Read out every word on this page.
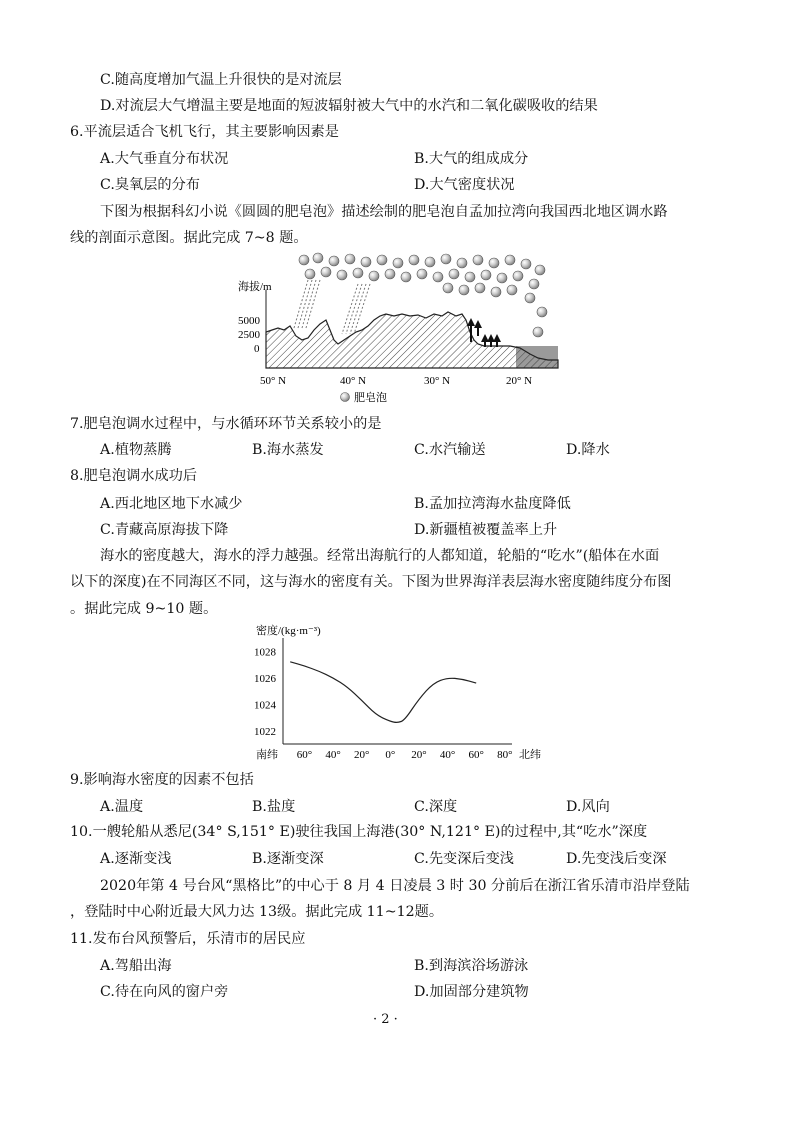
C.随高度增加气温上升很快的是对流层
D.对流层大气增温主要是地面的短波辐射被大气中的水汽和二氧化碳吸收的结果
6.平流层适合飞机飞行，其主要影响因素是
A.大气垂直分布状况	B.大气的组成成分
C.臭氧层的分布	D.大气密度状况
下图为根据科幻小说《圆圆的肥皂泡》描述绘制的肥皂泡自孟加拉湾向我国西北地区调水路
线的剖面示意图。据此完成 7~8 题。
海拔/m
5000
2500
0
50° N	40° N	30° N	20° N
肥皂泡
7.肥皂泡调水过程中，与水循环环节关系较小的是
A.植物蒸腾	B.海水蒸发	C.水汽输送	D.降水
8.肥皂泡调水成功后
A.西北地区地下水减少	B.孟加拉湾海水盐度降低
C.青藏高原海拔下降	D.新疆植被覆盖率上升
海水的密度越大，海水的浮力越强。经常出海航行的人都知道，轮船的“吃水”(船体在水面
以下的深度)在不同海区不同，这与海水的密度有关。下图为世界海洋表层海水密度随纬度分布图
。据此完成 9~10 题。
密度/(kg·m⁻³)
1028
1026
1024
1022
60° 40° 20° 0° 20° 40° 60° 80°
南纬	北纬
9.影响海水密度的因素不包括
A.温度	B.盐度	C.深度	D.风向
10.一艘轮船从悉尼(34° S,151° E)驶往我国上海港(30° N,121° E)的过程中,其“吃水”深度
A.逐渐变浅	B.逐渐变深	C.先变深后变浅	D.先变浅后变深
2020年第 4 号台风“黑格比”的中心于 8 月 4 日凌晨 3 时 30 分前后在浙江省乐清市沿岸登陆
，登陆时中心附近最大风力达 13级。据此完成 11~12题。
11.发布台风预警后，乐清市的居民应
A.驾船出海	B.到海滨浴场游泳
C.待在向风的窗户旁	D.加固部分建筑物
· 2 ·
